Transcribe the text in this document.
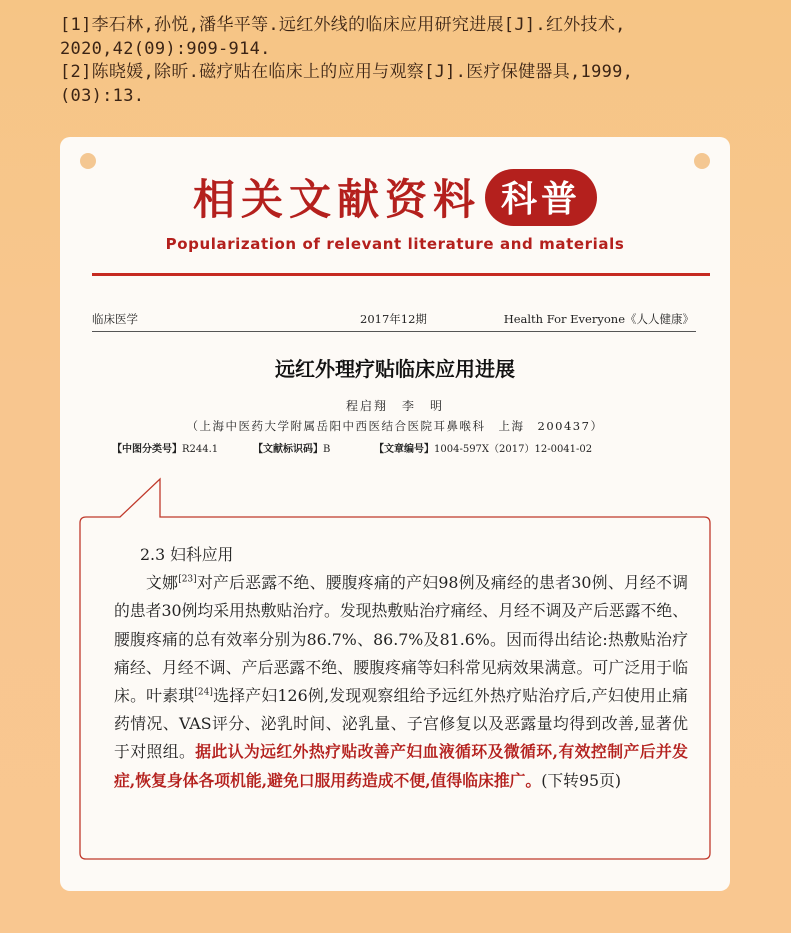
[1]李石林,孙悦,潘华平等.远红外线的临床应用研究进展[J].红外技术,
2020,42(09):909-914.
[2]陈晓媛,除昕.磁疗贴在临床上的应用与观察[J].医疗保健器具,1999,
(03):13.
相关文献资料 科普
Popularization of relevant literature and materials
临床医学	2017年12期	Health For Everyone《人人健康》
远红外理疗贴临床应用进展
程启翔　李　明
（上海中医药大学附属岳阳中西医结合医院耳鼻喉科　上海　200437）
【中图分类号】R244.1	【文献标识码】B	【文章编号】1004-597X（2017）12-0041-02

2.3 妇科应用

文娜[23]对产后恶露不绝、腰腹疼痛的产妇98例及痛经的患者30例、月经不调的患者30例均采用热敷贴治疗。发现热敷贴治疗痛经、月经不调及产后恶露不绝、腰腹疼痛的总有效率分别为86.7%、86.7%及81.6%。因而得出结论:热敷贴治疗痛经、月经不调、产后恶露不绝、腰腹疼痛等妇科常见病效果满意。可广泛用于临床。叶素琪[24]选择产妇126例,发现观察组给予远红外热疗贴治疗后,产妇使用止痛药情况、VAS评分、泌乳时间、泌乳量、子宫修复以及恶露量均得到改善,显著优于对照组。据此认为远红外热疗贴改善产妇血液循环及微循环,有效控制产后并发症,恢复身体各项机能,避免口服用药造成不便,值得临床推广。(下转95页)
